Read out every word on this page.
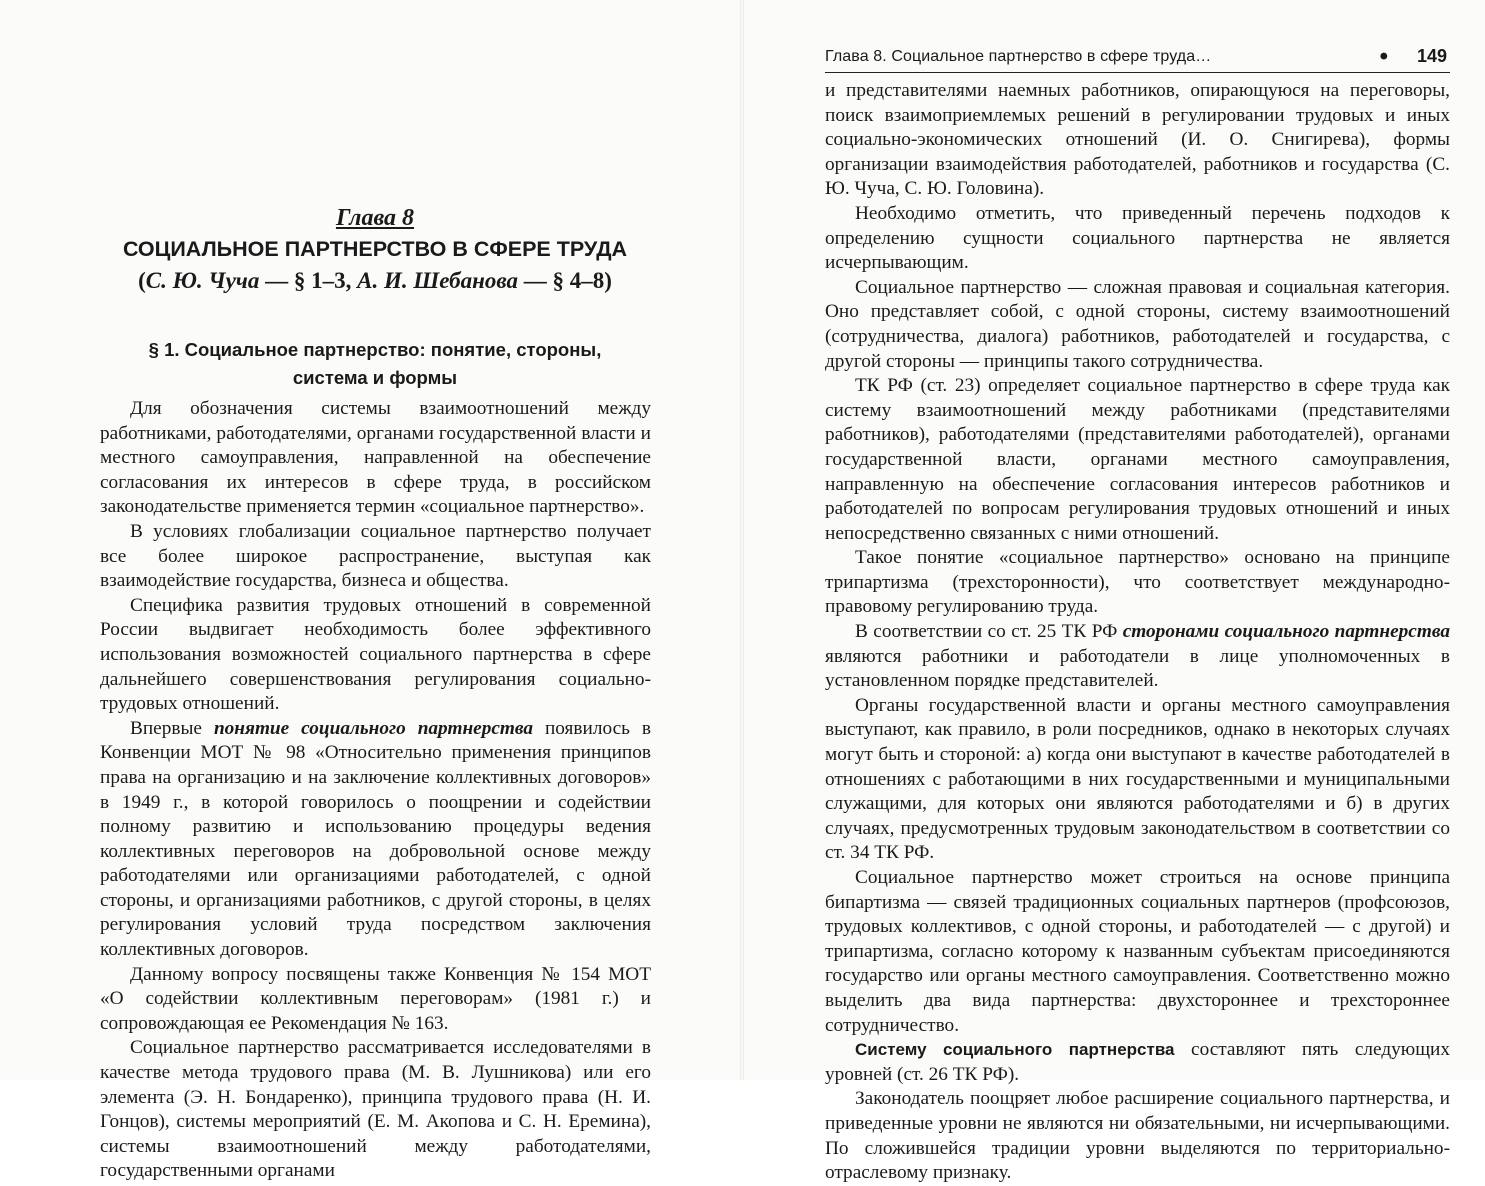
Глава 8
СОЦИАЛЬНОЕ ПАРТНЕРСТВО В СФЕРЕ ТРУДА
(С. Ю. Чуча — § 1–3, А. И. Шебанова — § 4–8)
§ 1. Социальное партнерство: понятие, стороны,
система и формы

Для обозначения системы взаимоотношений между работниками, работодателями, органами государственной власти и местного самоуправления, направленной на обеспечение согласования их интересов в сфере труда, в российском законодательстве применяется термин «социальное партнерство».

В условиях глобализации социальное партнерство получает все более широкое распространение, выступая как взаимодействие государства, бизнеса и общества.

Специфика развития трудовых отношений в современной России выдвигает необходимость более эффективного использования возможностей социального партнерства в сфере дальнейшего совершенствования регулирования социально-трудовых отношений.

Впервые понятие социального партнерства появилось в Конвенции МОТ № 98 «Относительно применения принципов права на организацию и на заключение коллективных договоров» в 1949 г., в которой говорилось о поощрении и содействии полному развитию и использованию процедуры ведения коллективных переговоров на добровольной основе между работодателями или организациями работодателей, с одной стороны, и организациями работников, с другой стороны, в целях регулирования условий труда посредством заключения коллективных договоров.

Данному вопросу посвящены также Конвенция № 154 МОТ «О содействии коллективным переговорам» (1981 г.) и сопровождающая ее Рекомендация № 163.

Социальное партнерство рассматривается исследователями в качестве метода трудового права (М. В. Лушникова) или его элемента (Э. Н. Бондаренко), принципа трудового права (Н. И. Гонцов), системы мероприятий (Е. М. Акопова и С. Н. Еремина), системы взаимоотношений между работодателями, государственными органами

Глава 8. Социальное партнерство в сфере труда…	• 149

и представителями наемных работников, опирающуюся на переговоры, поиск взаимоприемлемых решений в регулировании трудовых и иных социально-экономических отношений (И. О. Снигирева), формы организации взаимодействия работодателей, работников и государства (С. Ю. Чуча, С. Ю. Головина).

Необходимо отметить, что приведенный перечень подходов к определению сущности социального партнерства не является исчерпывающим.

Социальное партнерство — сложная правовая и социальная категория. Оно представляет собой, с одной стороны, систему взаимоотношений (сотрудничества, диалога) работников, работодателей и государства, с другой стороны — принципы такого сотрудничества.

ТК РФ (ст. 23) определяет социальное партнерство в сфере труда как систему взаимоотношений между работниками (представителями работников), работодателями (представителями работодателей), органами государственной власти, органами местного самоуправления, направленную на обеспечение согласования интересов работников и работодателей по вопросам регулирования трудовых отношений и иных непосредственно связанных с ними отношений.

Такое понятие «социальное партнерство» основано на принципе трипартизма (трехсторонности), что соответствует международно-правовому регулированию труда.

В соответствии со ст. 25 ТК РФ сторонами социального партнерства являются работники и работодатели в лице уполномоченных в установленном порядке представителей.

Органы государственной власти и органы местного самоуправления выступают, как правило, в роли посредников, однако в некоторых случаях могут быть и стороной: а) когда они выступают в качестве работодателей в отношениях с работающими в них государственными и муниципальными служащими, для которых они являются работодателями и б) в других случаях, предусмотренных трудовым законодательством в соответствии со ст. 34 ТК РФ.

Социальное партнерство может строиться на основе принципа бипартизма — связей традиционных социальных партнеров (профсоюзов, трудовых коллективов, с одной стороны, и работодателей — с другой) и трипартизма, согласно которому к названным субъектам присоединяются государство или органы местного самоуправления. Соответственно можно выделить два вида партнерства: двухстороннее и трехстороннее сотрудничество.

Систему социального партнерства составляют пять следующих уровней (ст. 26 ТК РФ).

Законодатель поощряет любое расширение социального партнерства, и приведенные уровни не являются ни обязательными, ни исчерпывающими. По сложившейся традиции уровни выделяются по территориально-отраслевому признаку.
